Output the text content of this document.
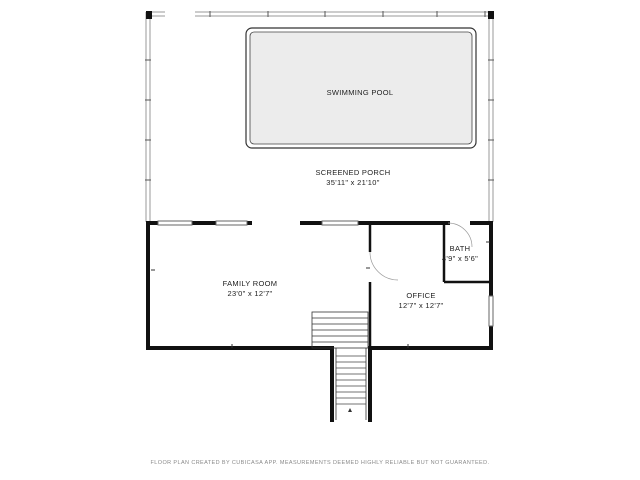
SWIMMING POOL
SCREENED PORCH
35'11" x 21'10"
FAMILY ROOM
23'0" x 12'7"
BATH
4'9" x 5'6"
OFFICE
12'7" x 12'7"
FLOOR PLAN CREATED BY CUBICASA APP. MEASUREMENTS DEEMED HIGHLY RELIABLE BUT NOT GUARANTEED.
